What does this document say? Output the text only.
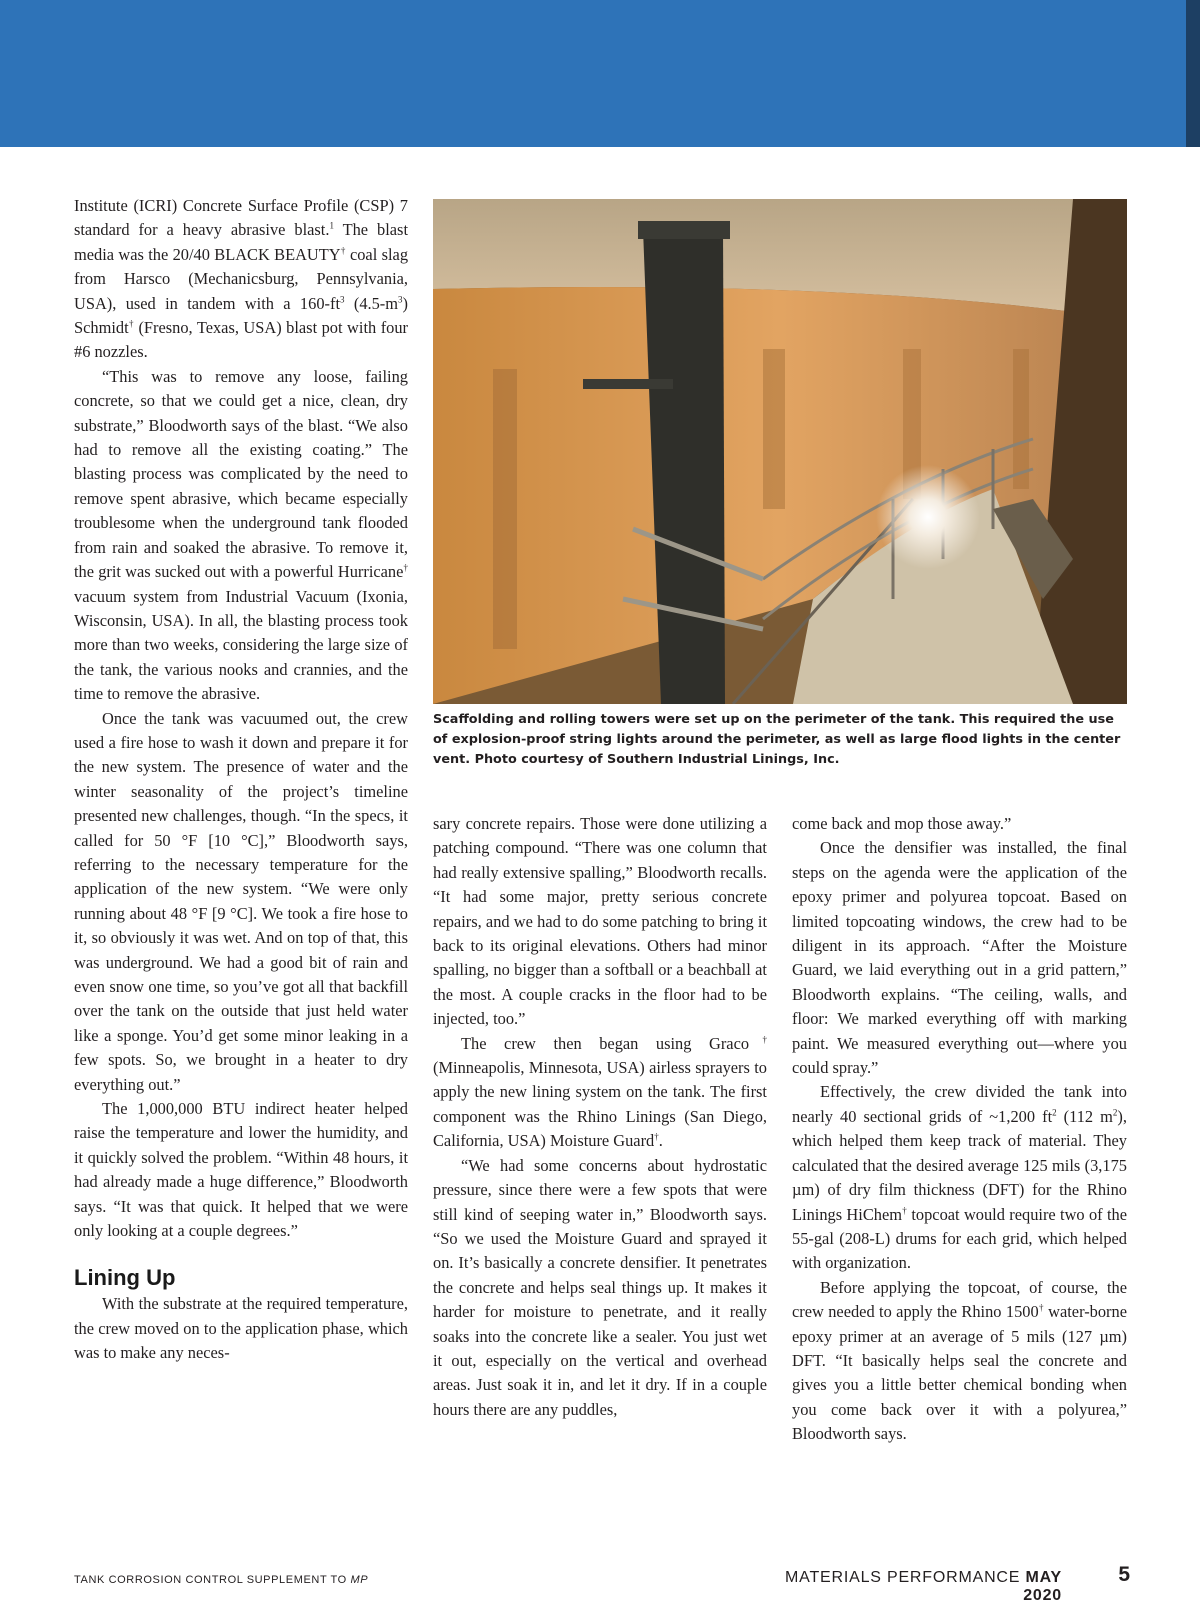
Institute (ICRI) Concrete Surface Profile (CSP) 7 standard for a heavy abrasive blast.$^1$ The blast media was the 20/40 BLACK BEAUTY† coal slag from Harsco (Mechanicsburg, Pennsylvania, USA), used in tandem with a $160-ft^3$ $(4.5-m^3)$ Schmidt† (Fresno, Texas, USA) blast pot with four #6 nozzles.

“This was to remove any loose, failing concrete, so that we could get a nice, clean, dry substrate,” Bloodworth says of the blast. “We also had to remove all the existing coating.” The blasting process was complicated by the need to remove spent abrasive, which became especially troublesome when the underground tank flooded from rain and soaked the abrasive. To remove it, the grit was sucked out with a powerful Hurricane† vacuum system from Industrial Vacuum (Ixonia, Wisconsin, USA). In all, the blasting process took more than two weeks, considering the large size of the tank, the various nooks and crannies, and the time to remove the abrasive.

Once the tank was vacuumed out, the crew used a fire hose to wash it down and prepare it for the new system. The presence of water and the winter seasonality of the project’s timeline presented new challenges, though. “In the specs, it called for 50 °F [10 °C],” Bloodworth says, referring to the necessary temperature for the application of the new system. “We were only running about 48 °F [9 °C]. We took a fire hose to it, so obviously it was wet. And on top of that, this was underground. We had a good bit of rain and even snow one time, so you’ve got all that backfill over the tank on the outside that just held water like a sponge. You’d get some minor leaking in a few spots. So, we brought in a heater to dry everything out.”

The 1,000,000 BTU indirect heater helped raise the temperature and lower the humidity, and it quickly solved the problem. “Within 48 hours, it had already made a huge difference,” Bloodworth says. “It was that quick. It helped that we were only looking at a couple degrees.”

Lining Up

With the substrate at the required temperature, the crew moved on to the application phase, which was to make any neces-

Scaffolding and rolling towers were set up on the perimeter of the tank. This required the use of explosion-proof string lights around the perimeter, as well as large flood lights in the center vent. Photo courtesy of Southern Industrial Linings, Inc.

sary concrete repairs. Those were done utilizing a patching compound. “There was one column that had really extensive spalling,” Bloodworth recalls. “It had some major, pretty serious concrete repairs, and we had to do some patching to bring it back to its original elevations. Others had minor spalling, no bigger than a softball or a beachball at the most. A couple cracks in the floor had to be injected, too.”

The crew then began using Graco† (Minneapolis, Minnesota, USA) airless sprayers to apply the new lining system on the tank. The first component was the Rhino Linings (San Diego, California, USA) Moisture Guard†.

“We had some concerns about hydrostatic pressure, since there were a few spots that were still kind of seeping water in,” Bloodworth says. “So we used the Moisture Guard and sprayed it on. It’s basically a concrete densifier. It penetrates the concrete and helps seal things up. It makes it harder for moisture to penetrate, and it really soaks into the concrete like a sealer. You just wet it out, especially on the vertical and overhead areas. Just soak it in, and let it dry. If in a couple hours there are any puddles,

come back and mop those away.”

Once the densifier was installed, the final steps on the agenda were the application of the epoxy primer and polyurea topcoat. Based on limited topcoating windows, the crew had to be diligent in its approach. “After the Moisture Guard, we laid everything out in a grid pattern,” Bloodworth explains. “The ceiling, walls, and floor: We marked everything off with marking paint. We measured everything out—where you could spray.”

Effectively, the crew divided the tank into nearly 40 sectional grids of ~1,200 $ft^2$ (112 $m^2$), which helped them keep track of material. They calculated that the desired average 125 mils (3,175 µm) of dry film thickness (DFT) for the Rhino Linings HiChem† topcoat would require two of the 55-gal (208-L) drums for each grid, which helped with organization.

Before applying the topcoat, of course, the crew needed to apply the Rhino 1500† water-borne epoxy primer at an average of 5 mils (127 µm) DFT. “It basically helps seal the concrete and gives you a little better chemical bonding when you come back over it with a polyurea,” Bloodworth says.

TANK CORROSION CONTROL SUPPLEMENT TO MP	MATERIALS PERFORMANCE MAY 2020
5
